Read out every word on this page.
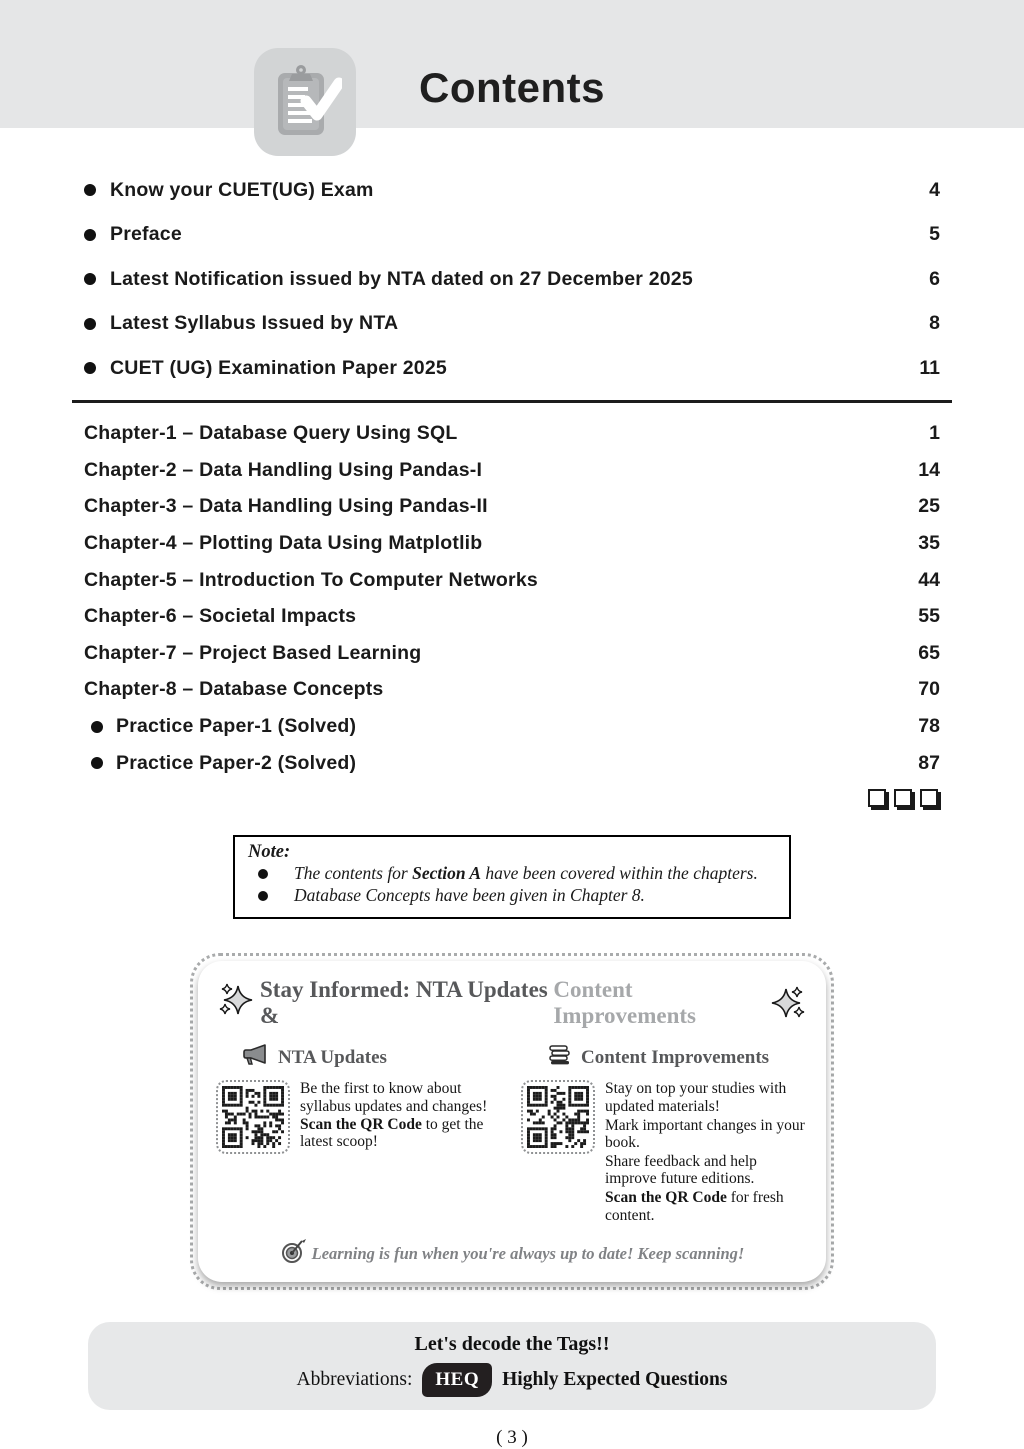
Contents
Know your CUET(UG) Exam	4
Preface	5
Latest Notification issued by NTA dated on 27 December 2025	6
Latest Syllabus Issued by NTA	8
CUET (UG) Examination Paper 2025	11
Chapter-1 – Database Query Using SQL	1
Chapter-2 – Data Handling Using Pandas-I	14
Chapter-3 – Data Handling Using Pandas-II	25
Chapter-4 – Plotting Data Using Matplotlib	35
Chapter-5 – Introduction To Computer Networks	44
Chapter-6 – Societal Impacts	55
Chapter-7 – Project Based Learning	65
Chapter-8 – Database Concepts	70
Practice Paper-1 (Solved)	78
Practice Paper-2 (Solved)	87
Note:
The contents for Section A have been covered within the chapters.
Database Concepts have been given in Chapter 8.
Stay Informed: NTA Updates &
Content Improvements
NTA Updates

Be the first to know about syllabus updates and changes! Scan the QR Code to get the latest scoop!

Content Improvements

Stay on top your studies with updated materials!

Mark important changes in your book.

Share feedback and help improve future editions.

Scan the QR Code for fresh content.

Learning is fun when you're always up to date! Keep scanning!
Let's decode the Tags!!
Abbreviations:	HEQ	Highly Expected Questions
( 3 )
